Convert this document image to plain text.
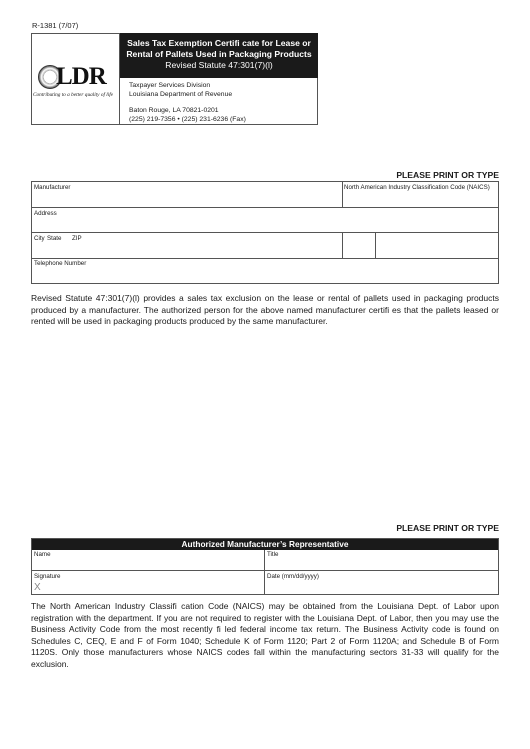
R-1381 (7/07)
LDR
Contributing to a better quality of life
Sales Tax Exemption Certifi cate for Lease or
Rental of Pallets Used in Packaging Products
Revised Statute 47:301(7)(l)
Taxpayer Services Division
Louisiana Department of Revenue
Baton Rouge, LA 70821-0201
(225) 219-7356 • (225) 231-6236 (Fax)
PLEASE PRINT OR TYPE
Manufacturer	North American Industry Classification Code (NAICS)
Address
City State ZIP
Telephone Number
Revised Statute 47:301(7)(l) provides a sales tax exclusion on the lease or rental of pallets used in packaging products produced by a manufacturer. The authorized person for the above named manufacturer certifi es that the pallets leased or rented will be used in packaging products produced by the same manufacturer.
PLEASE PRINT OR TYPE
Authorized Manufacturer’s Representative
Name	Title
Signature
X
Date (mm/dd/yyyy)
The North American Industry Classifi cation Code (NAICS) may be obtained from the Louisiana Dept. of Labor upon registration with the department. If you are not required to register with the Louisiana Dept. of Labor, then you may use the Business Activity Code from the most recently fi led federal income tax return. The Business Activity code is found on Schedules C, CEQ, E and F of Form 1040; Schedule K of Form 1120; Part 2 of Form 1120A; and Schedule B of Form 1120S. Only those manufacturers whose NAICS codes fall within the manufacturing sectors 31-33 will qualify for the exclusion.
